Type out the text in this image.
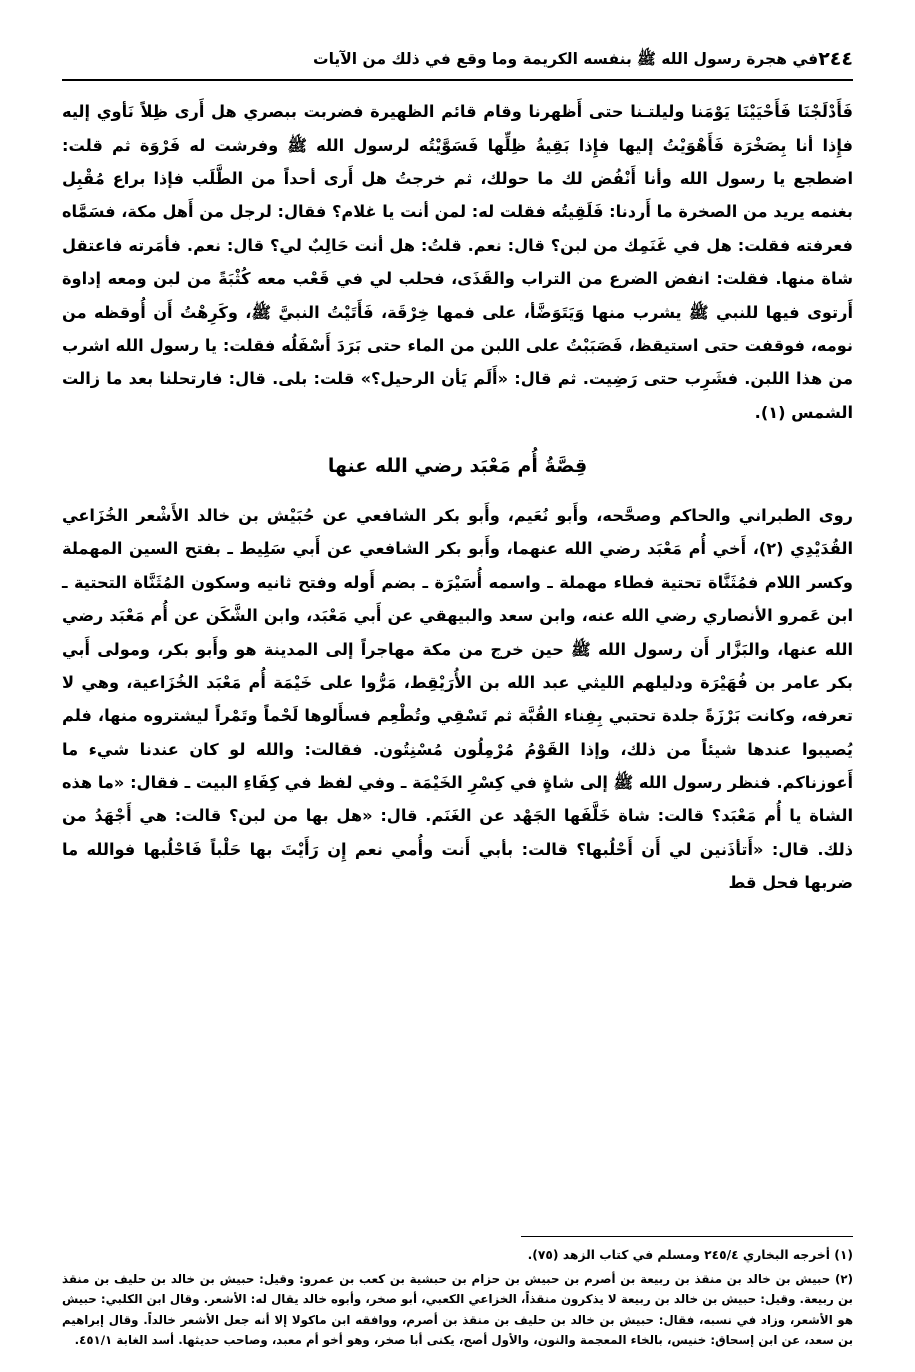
في هجرة رسول الله ﷺ بنفسه الكريمة وما وقع في ذلك من الآيات ٢٤٤

فَأَدْلَجْنَا فَأَحْيَيْنَا يَوْمَنا وليلتـنا حتى أَظهرنا وقام قائم الظهيرة فضربت ببصري هل أَرى ظِلاً نَأوي إليه فإِذا أنا بِصَخْرَة فَأَهْوَيْتُ إليها فإِذا بَقِيةُ ظِلِّها فَسَوَّيْتُه لرسول الله ﷺ وفرشت له فَرْوَة ثم قلت: اضطجع يا رسول الله وأنا أَنْفُض لك ما حولك، ثم خرجتُ هل أَرى أحداً من الطَّلَب فإذا براع مُقْبِل بغنمه يريد من الصخرة ما أَردنا: فَلَقِيتُه فقلت له: لمن أنت يا غلام؟ فقال: لرجل من أَهل مكة، فسَمَّاه فعرفته فقلت: هل في غَنَمِك من لبن؟ قال: نعم. قلتُ: هل أنت حَالِبٌ لي؟ قال: نعم. فأمَرته فاعتقل شاة منها. فقلت: انفض الضرع من التراب والقَذَى، فحلب لي في قَعْب معه كُثْبَةً من لبن ومعه إداوة أَرتوى فيها للنبي ﷺ يشرب منها وَيَتَوَضَّأ، على فمها خِرْقَة، فَأَتَيْتُ النبيَّ ﷺ، وكَرِهْتُ أَن أُوقظه من نومه، فوقفت حتى استيقظ، فَصَبَبْتُ على اللبن من الماء حتى بَرَدَ أَسْفَلُه فقلت: يا رسول الله اشرب من هذا اللبن. فشَرِب حتى رَضِيت. ثم قال: «أَلَم يَأن الرحيل؟» قلت: بلى. قال: فارتحلنا بعد ما زالت الشمس (١).

قِصَّةُ أُم مَعْبَد رضي الله عنها

روى الطبراني والحاكم وصحَّحه، وأَبو نُعَيم، وأَبو بكر الشافعي عن حُبَيْش بن خالد الأَشْعر الخُزَاعي القُدَيْدِي (٢)، أَخي أُم مَعْبَد رضي الله عنهما، وأَبو بكر الشافعي عن أَبي سَلِيط ـ بفتح السين المهملة وكسر اللام فمُثَنَّاة تحتية فطاء مهملة ـ واسمه أُسَيْرَة ـ بضم أَوله وفتح ثانيه وسكون المُثَنَّاة التحتية ـ ابن عَمرو الأنصاري رضي الله عنه، وابن سعد والبيهقي عن أَبي مَعْبَد، وابن الشَّكَن عن أُم مَعْبَد رضي الله عنها، والبَزَّار أَن رسول الله ﷺ حين خرج من مكة مهاجراً إلى المدينة هو وأَبو بكر، ومولى أَبي بكر عامر بن فُهَيْرَة ودليلهم الليثي عبد الله بن الأُرَيْقِط، مَرُّوا على خَيْمَة أُم مَعْبَد الخُزَاعية، وهي لا تعرفه، وكانت بَرْزَةً جلدة تحتبي بِفِناء القُبَّة ثم تَسْقِي وتُطْعِم فسأَلوها لَحْماً وتَمْراً ليشتروه منها، فلم يُصيبوا عندها شيئاً من ذلك، وإذا القَوْمُ مُرْمِلُون مُسْنِتُون. فقالت: والله لو كان عندنا شيء ما أَعوزناكم. فنظر رسول الله ﷺ إلى شاةٍ في كِسْرِ الخَيْمَة ـ وفي لفظ في كِفَاءِ البيت ـ فقال: «ما هذه الشاة يا أُم مَعْبَد؟ قالت: شاة خَلَّفَها الجَهْد عن الغَنَم. قال: «هل بها من لبن؟ قالت: هي أَجْهَدُ من ذلك. قال: «أَتأذَنين لي أَن أَحْلُبها؟ قالت: بأبي أَنت وأُمي نعم إِن رَأَيْتَ بها حَلْباً فَاحْلُبها فوالله ما ضربها فحل قط

(١) أخرجه البخاري ٢٤٥/٤ ومسلم في كتاب الزهد (٧٥).

(٢) حبيش بن خالد بن منقذ بن ربيعة بن أصرم بن حبيش بن حزام بن حبشية بن كعب بن عمرو: وقيل: حبيش بن خالد بن حليف بن منقذ بن ربيعة. وقيل: حبيش بن خالد بن ربيعة لا يذكرون منقذاً، الخزاعي الكعبي، أبو صخر، وأبوه خالد يقال له: الأشعر. وقال ابن الكلبي: حبيش هو الأشعر، وزاد في نسبه، فقال: حبيش بن خالد بن حليف بن منقذ بن أصرم، ووافقه ابن ماكولا إلا أنه جعل الأشعر خالداً. وقال إبراهيم بن سعد، عن ابن إسحاق: خنيس، بالخاء المعجمة والنون، والأول أصح، يكنى أبا صخر، وهو أخو أم معبد، وصاحب حديثها. أسد الغابة ٤٥١/١.
